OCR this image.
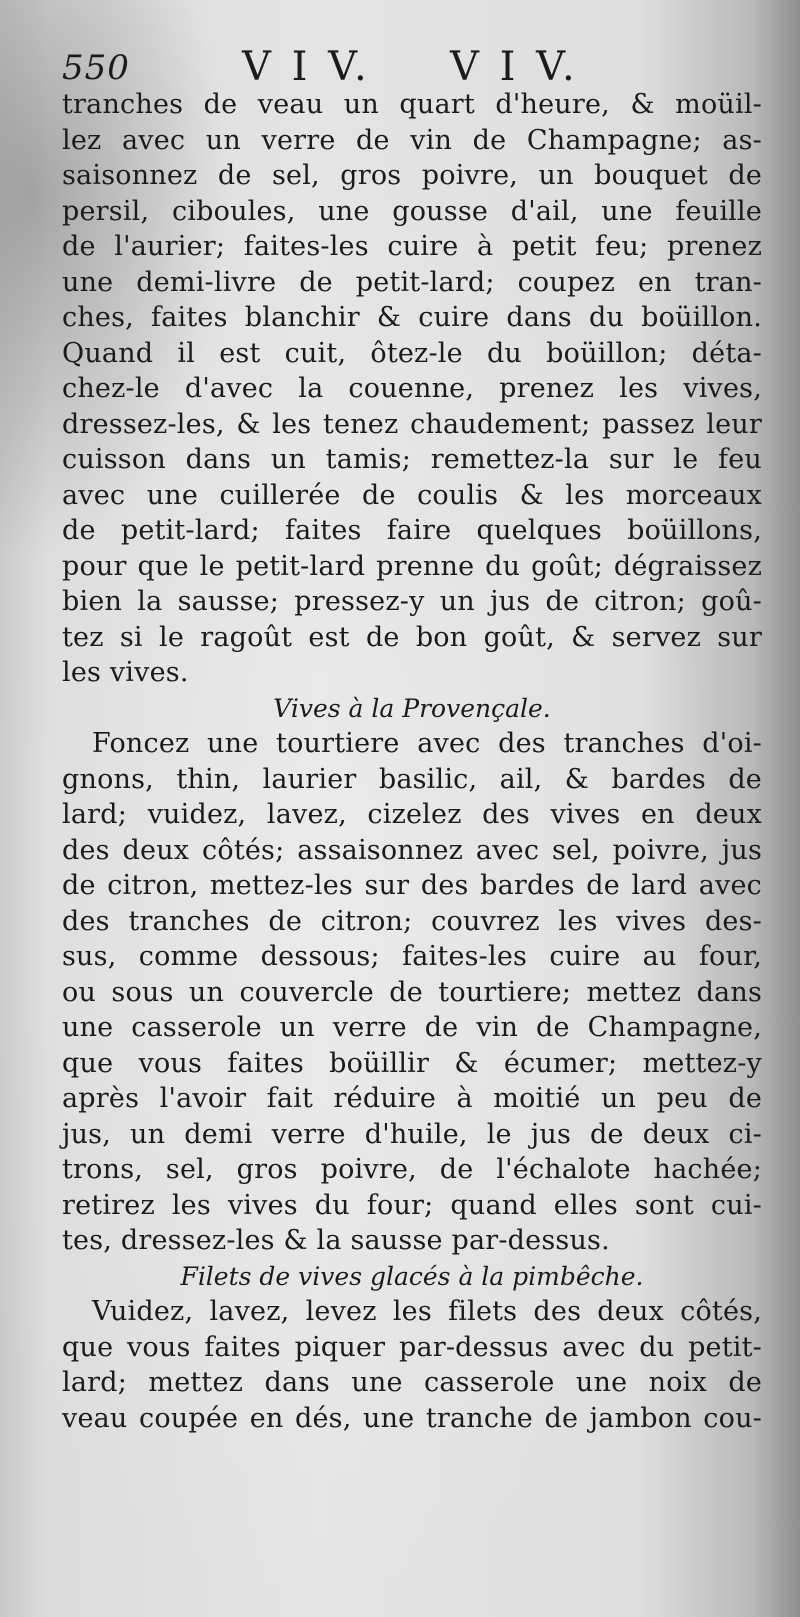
550	V I V. V I V.
tranches de veau un quart d'heure, & moüil-
lez avec un verre de vin de Champagne; as-
saisonnez de sel, gros poivre, un bouquet de
persil, ciboules, une gousse d'ail, une feuille
de l'aurier; faites-les cuire à petit feu; prenez
une demi-livre de petit-lard; coupez en tran-
ches, faites blanchir & cuire dans du boüillon.
Quand il est cuit, ôtez-le du boüillon; déta-
chez-le d'avec la couenne, prenez les vives,
dressez-les, & les tenez chaudement; passez leur
cuisson dans un tamis; remettez-la sur le feu
avec une cuillerée de coulis & les morceaux
de petit-lard; faites faire quelques boüillons,
pour que le petit-lard prenne du goût; dégraissez
bien la sausse; pressez-y un jus de citron; goû-
tez si le ragoût est de bon goût, & servez sur
les vives.
Vives à la Provençale.
Foncez une tourtiere avec des tranches d'oi-
gnons, thin, laurier basilic, ail, & bardes de
lard; vuidez, lavez, cizelez des vives en deux
des deux côtés; assaisonnez avec sel, poivre, jus
de citron, mettez-les sur des bardes de lard avec
des tranches de citron; couvrez les vives des-
sus, comme dessous; faites-les cuire au four,
ou sous un couvercle de tourtiere; mettez dans
une casserole un verre de vin de Champagne,
que vous faites boüillir & écumer; mettez-y
après l'avoir fait réduire à moitié un peu de
jus, un demi verre d'huile, le jus de deux ci-
trons, sel, gros poivre, de l'échalote hachée;
retirez les vives du four; quand elles sont cui-
tes, dressez-les & la sausse par-dessus.
Filets de vives glacés à la pimbêche.
Vuidez, lavez, levez les filets des deux côtés,
que vous faites piquer par-dessus avec du petit-
lard; mettez dans une casserole une noix de
veau coupée en dés, une tranche de jambon cou-
